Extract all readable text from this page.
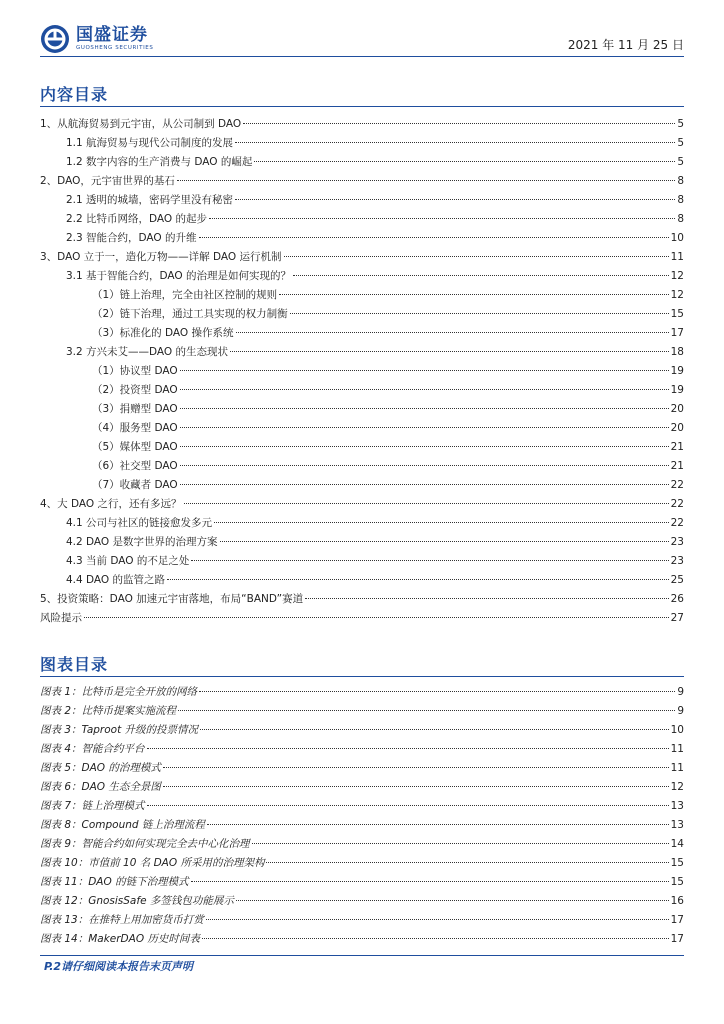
国盛证券
GUOSHENG SECURITIES	2021 年 11 月 25 日
内容目录
1、从航海贸易到元宇宙，从公司制到 DAO	5
1.1 航海贸易与现代公司制度的发展	5
1.2 数字内容的生产消费与 DAO 的崛起	5
2、DAO，元宇宙世界的基石	8
2.1 透明的城墙，密码学里没有秘密	8
2.2 比特币网络，DAO 的起步	8
2.3 智能合约，DAO 的升维	10
3、DAO 立于一，造化万物——详解 DAO 运行机制	11
3.1 基于智能合约，DAO 的治理是如何实现的？	12
（1）链上治理，完全由社区控制的规则	12
（2）链下治理，通过工具实现的权力制衡	15
（3）标准化的 DAO 操作系统	17
3.2 方兴未艾——DAO 的生态现状	18
（1）协议型 DAO	19
（2）投资型 DAO	19
（3）捐赠型 DAO	20
（4）服务型 DAO	20
（5）媒体型 DAO	21
（6）社交型 DAO	21
（7）收藏者 DAO	22
4、大 DAO 之行，还有多远？	22
4.1 公司与社区的链接愈发多元	22
4.2 DAO 是数字世界的治理方案	23
4.3 当前 DAO 的不足之处	23
4.4 DAO 的监管之路	25
5、投资策略：DAO 加速元宇宙落地，布局“BAND”赛道	26
风险提示	27
图表目录
图表 1：比特币是完全开放的网络	9
图表 2：比特币提案实施流程	9
图表 3：Taproot 升级的投票情况	10
图表 4：智能合约平台	11
图表 5：DAO 的治理模式	11
图表 6：DAO 生态全景图	12
图表 7：链上治理模式	13
图表 8：Compound 链上治理流程	13
图表 9：智能合约如何实现完全去中心化治理	14
图表 10：市值前 10 名 DAO 所采用的治理架构	15
图表 11：DAO 的链下治理模式	15
图表 12：GnosisSafe 多签钱包功能展示	16
图表 13：在推特上用加密货币打赏	17
图表 14：MakerDAO 历史时间表	17
P.2请仔细阅读本报告末页声明
